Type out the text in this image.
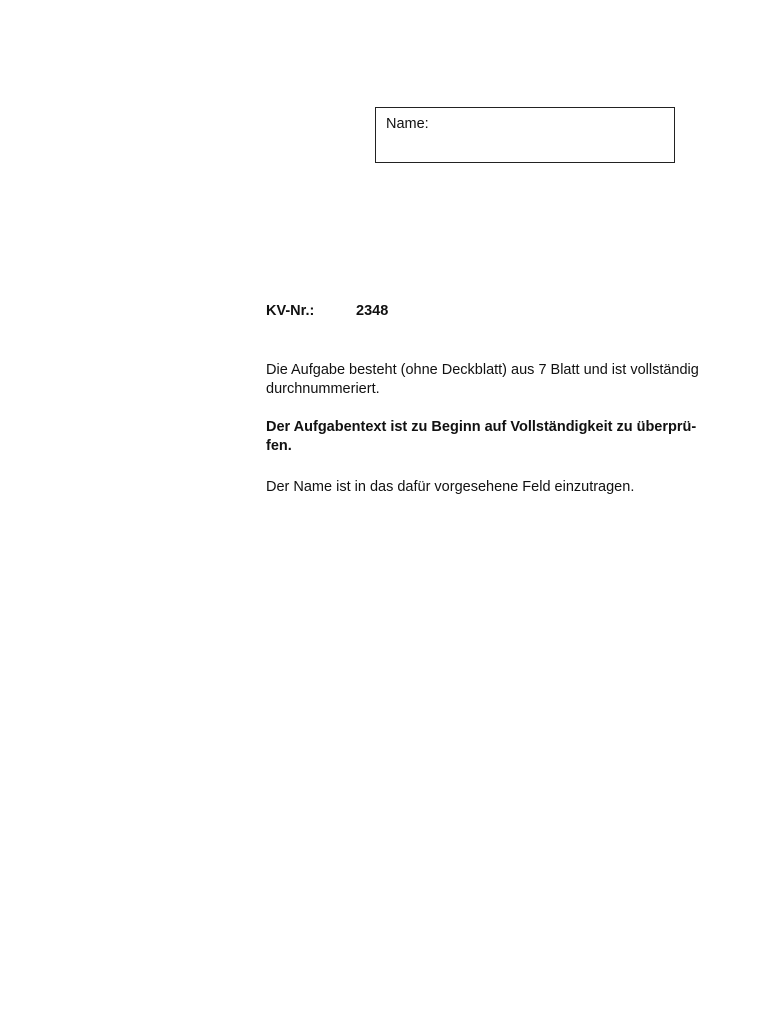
Name:
KV-Nr.:	2348

Die Aufgabe besteht (ohne Deckblatt) aus 7 Blatt und ist vollständig
durchnummeriert.

Der Aufgabentext ist zu Beginn auf Vollständigkeit zu überprü-
fen.

Der Name ist in das dafür vorgesehene Feld einzutragen.
